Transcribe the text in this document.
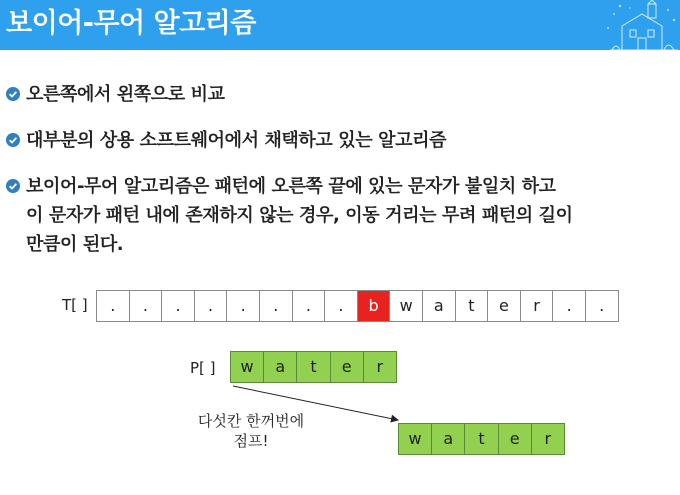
보이어-무어 알고리즘
오른쪽에서 왼쪽으로 비교
대부분의 상용 소프트웨어에서 채택하고 있는 알고리즘
보이어-무어 알고리즘은 패턴에 오른쪽 끝에 있는 문자가 불일치 하고
이 문자가 패턴 내에 존재하지 않는 경우, 이동 거리는 무려 패턴의 길이
만큼이 된다.
T[ ]	.	.	.	.	.	.	.	.	b	w	a	t	e	r	.	.
P[ ]	w	a	t	e	r
다섯칸 한꺼번에
점프!	w	a	t	e	r
